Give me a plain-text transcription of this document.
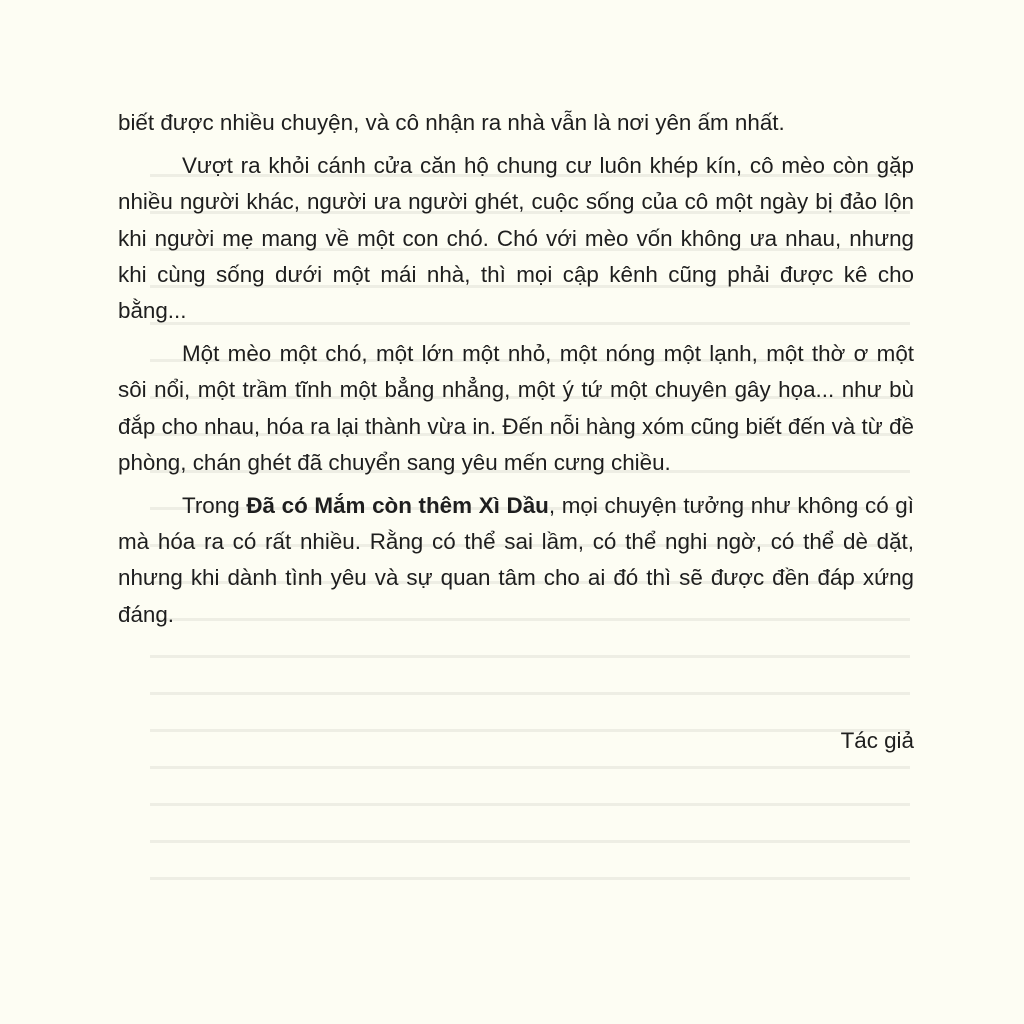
biết được nhiều chuyện, và cô nhận ra nhà vẫn là nơi yên ấm nhất.

Vượt ra khỏi cánh cửa căn hộ chung cư luôn khép kín, cô mèo còn gặp nhiều người khác, người ưa người ghét, cuộc sống của cô một ngày bị đảo lộn khi người mẹ mang về một con chó. Chó với mèo vốn không ưa nhau, nhưng khi cùng sống dưới một mái nhà, thì mọi cập kênh cũng phải được kê cho bằng...

Một mèo một chó, một lớn một nhỏ, một nóng một lạnh, một thờ ơ một sôi nổi, một trầm tĩnh một bẳng nhẳng, một ý tứ một chuyên gây họa... như bù đắp cho nhau, hóa ra lại thành vừa in. Đến nỗi hàng xóm cũng biết đến và từ đề phòng, chán ghét đã chuyển sang yêu mến cưng chiều.

Trong Đã có Mắm còn thêm Xì Dầu, mọi chuyện tưởng như không có gì mà hóa ra có rất nhiều. Rằng có thể sai lầm, có thể nghi ngờ, có thể dè dặt, nhưng khi dành tình yêu và sự quan tâm cho ai đó thì sẽ được đền đáp xứng đáng.

Tác giả
